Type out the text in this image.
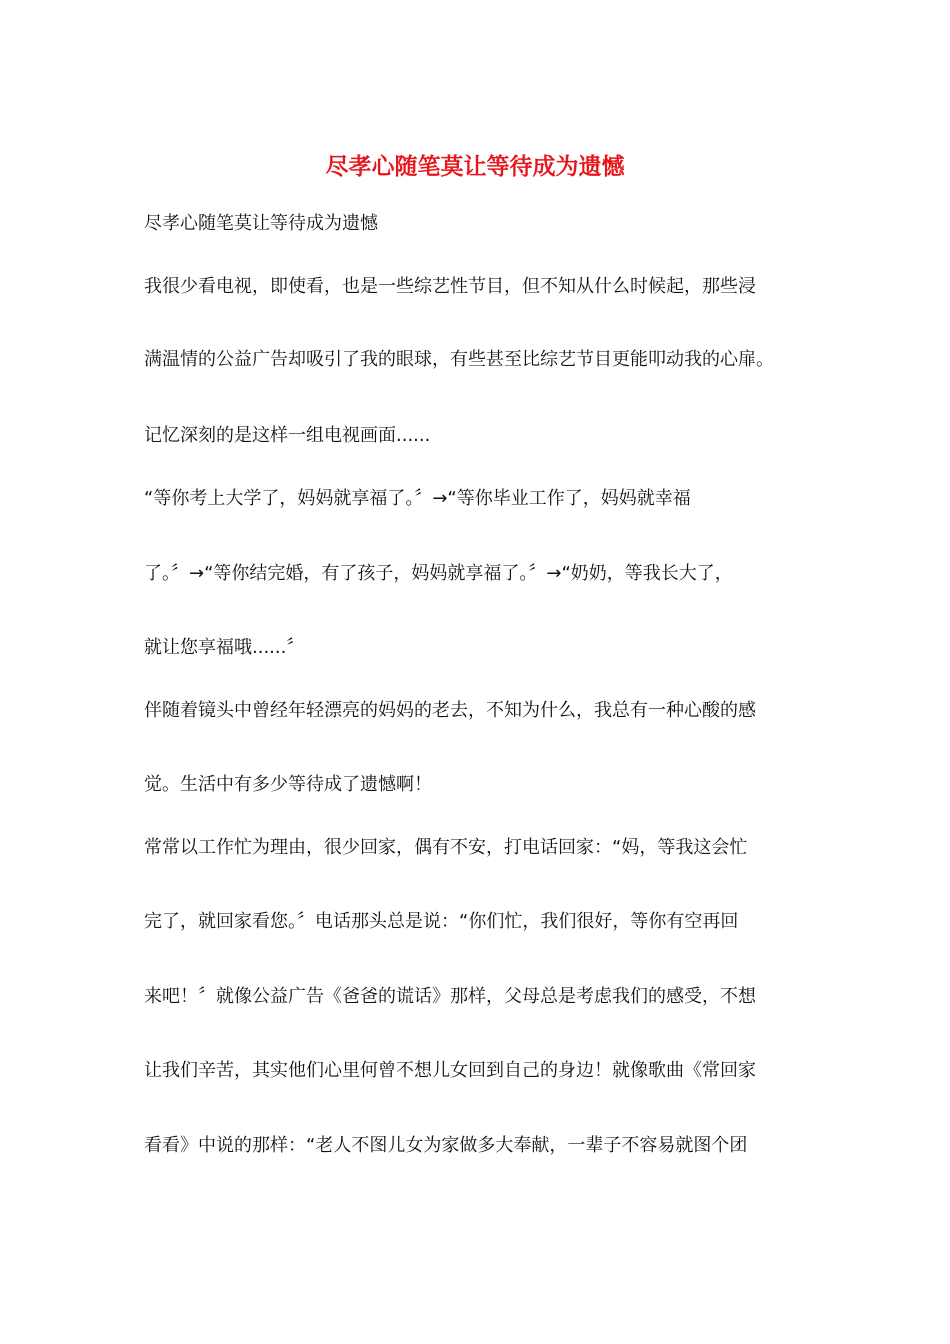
尽孝心随笔莫让等待成为遗憾
尽孝心随笔莫让等待成为遗憾
我很少看电视，即使看，也是一些综艺性节目，但不知从什么时候起，那些浸
满温情的公益广告却吸引了我的眼球，有些甚至比综艺节目更能叩动我的心扉。
记忆深刻的是这样一组电视画面......
“等你考上大学了，妈妈就享福了。〞→“等你毕业工作了，妈妈就幸福
了。〞→“等你结完婚，有了孩子，妈妈就享福了。〞→“奶奶，等我长大了，
就让您享福哦......〞
伴随着镜头中曾经年轻漂亮的妈妈的老去，不知为什么，我总有一种心酸的感
觉。生活中有多少等待成了遗憾啊！
常常以工作忙为理由，很少回家，偶有不安，打电话回家：“妈，等我这会忙
完了，就回家看您。〞电话那头总是说：“你们忙，我们很好，等你有空再回
来吧！〞就像公益广告《爸爸的谎话》那样，父母总是考虑我们的感受，不想
让我们辛苦，其实他们心里何曾不想儿女回到自己的身边！就像歌曲《常回家
看看》中说的那样：“老人不图儿女为家做多大奉献，一辈子不容易就图个团
